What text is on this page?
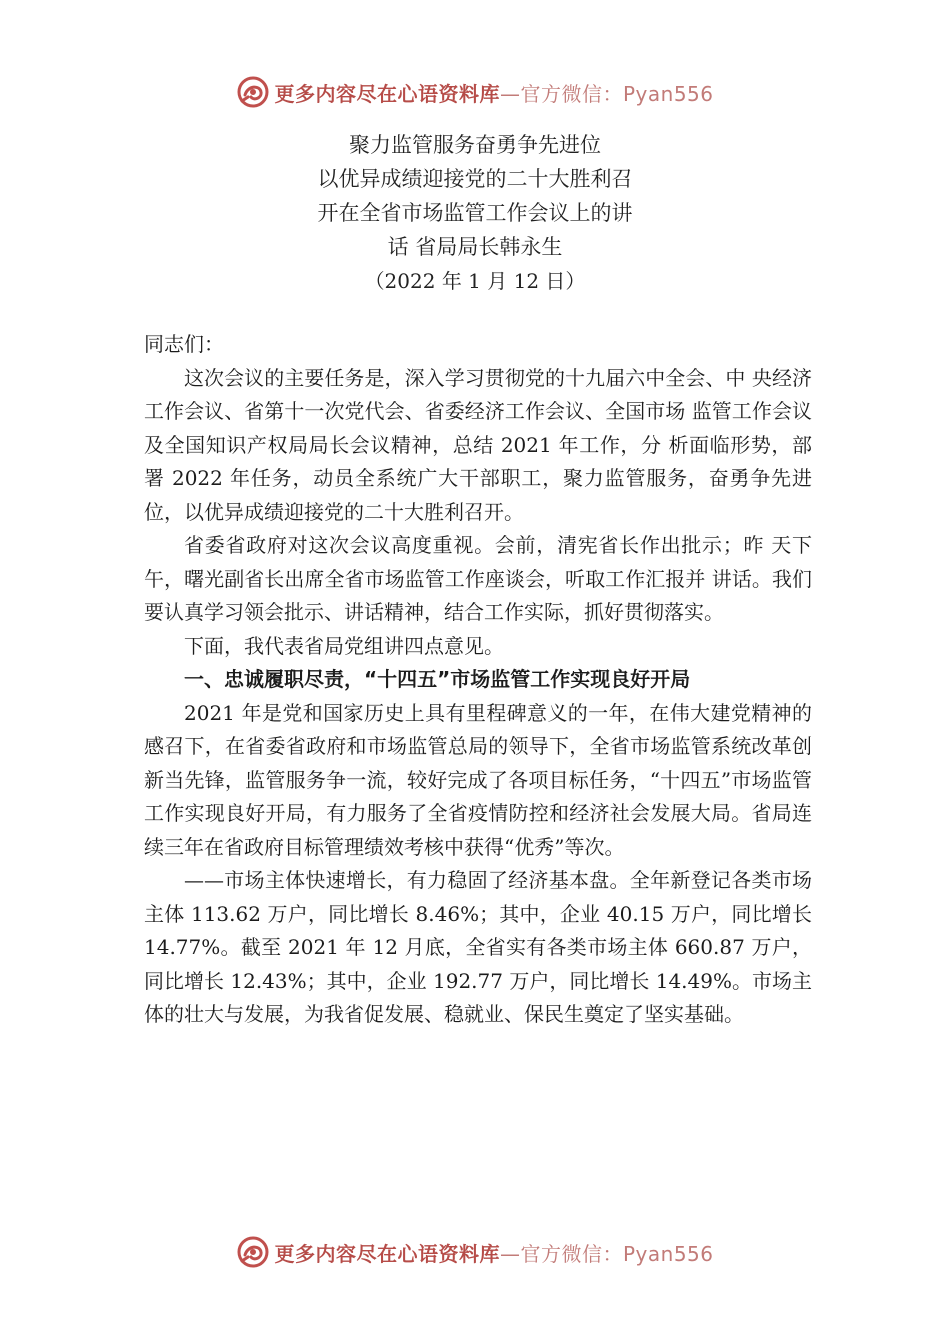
更多内容尽在心语资料库—官方微信：Pyan556
聚力监管服务奋勇争先进位
以优异成绩迎接党的二十大胜利召
开在全省市场监管工作会议上的讲
话 省局局长韩永生
（2022 年 1 月 12 日）

同志们：

这次会议的主要任务是，深入学习贯彻党的十九届六中全会、中 央经济工作会议、省第十一次党代会、省委经济工作会议、全国市场 监管工作会议及全国知识产权局局长会议精神，总结 2021 年工作，分 析面临形势，部署 2022 年任务，动员全系统广大干部职工，聚力监管服务，奋勇争先进位，以优异成绩迎接党的二十大胜利召开。

省委省政府对这次会议高度重视。会前，清宪省长作出批示；昨 天下午，曙光副省长出席全省市场监管工作座谈会，听取工作汇报并 讲话。我们要认真学习领会批示、讲话精神，结合工作实际，抓好贯彻落实。

下面，我代表省局党组讲四点意见。

一、忠诚履职尽责，“十四五”市场监管工作实现良好开局

2021 年是党和国家历史上具有里程碑意义的一年，在伟大建党精神的感召下，在省委省政府和市场监管总局的领导下，全省市场监管系统改革创新当先锋，监管服务争一流，较好完成了各项目标任务，“十四五”市场监管工作实现良好开局，有力服务了全省疫情防控和经济社会发展大局。省局连续三年在省政府目标管理绩效考核中获得“优秀”等次。

——市场主体快速增长，有力稳固了经济基本盘。全年新登记各类市场主体 113.62 万户，同比增长 8.46%；其中，企业 40.15 万户，同比增长 14.77%。截至 2021 年 12 月底，全省实有各类市场主体 660.87 万户，同比增长 12.43%；其中，企业 192.77 万户，同比增长 14.49%。市场主体的壮大与发展，为我省促发展、稳就业、保民生奠定了坚实基础。

更多内容尽在心语资料库—官方微信：Pyan556
